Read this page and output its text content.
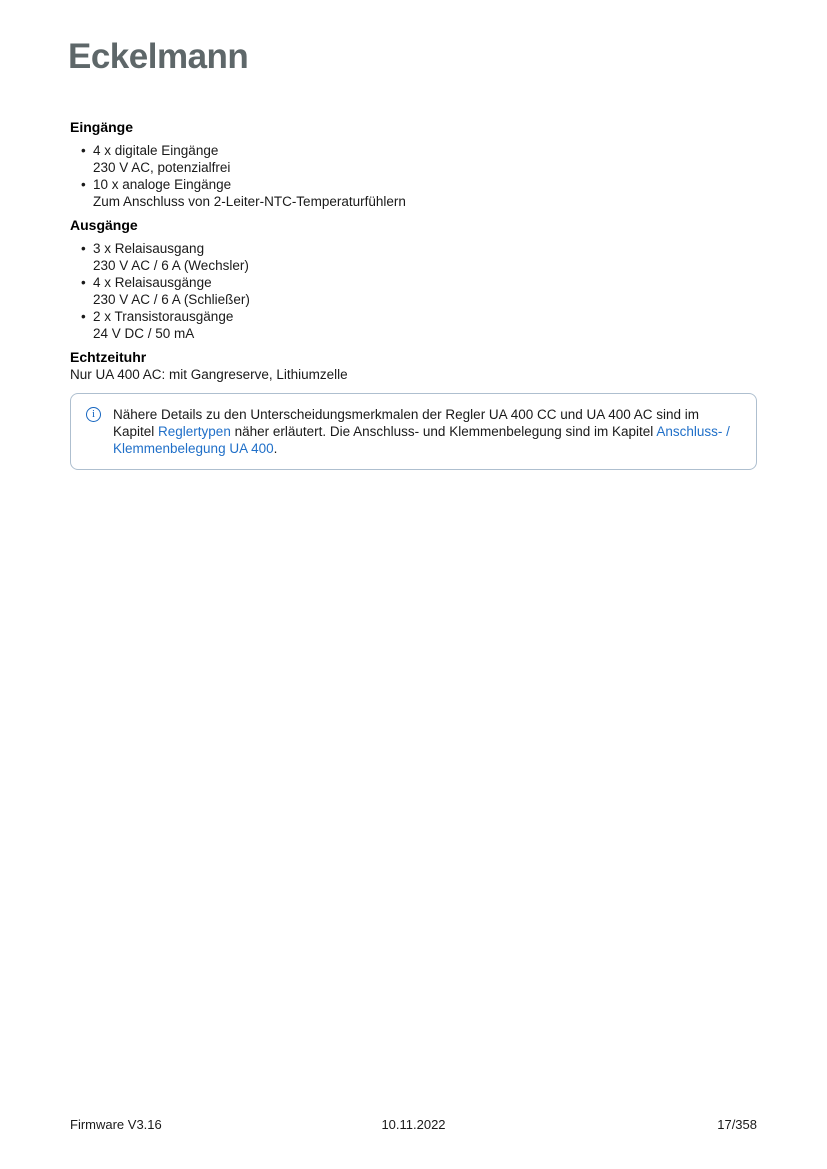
Eckelmann
Eingänge
• 4 x digitale Eingänge
230 V AC, potenzialfrei
• 10 x analoge Eingänge
Zum Anschluss von 2-Leiter-NTC-Temperaturfühlern
Ausgänge
• 3 x Relaisausgang
230 V AC / 6 A (Wechsler)
• 4 x Relaisausgänge
230 V AC / 6 A (Schließer)
• 2 x Transistorausgänge
24 V DC / 50 mA
Echtzeituhr
Nur UA 400 AC: mit Gangreserve, Lithiumzelle
i	Nähere Details zu den Unterscheidungsmerkmalen der Regler UA 400 CC und UA 400 AC sind im Kapitel Reglertypen näher erläutert. Die Anschluss- und Klemmenbelegung sind im Kapitel Anschluss- / Klemmenbelegung UA 400.
10.11.2022
Firmware V3.16	17/358
